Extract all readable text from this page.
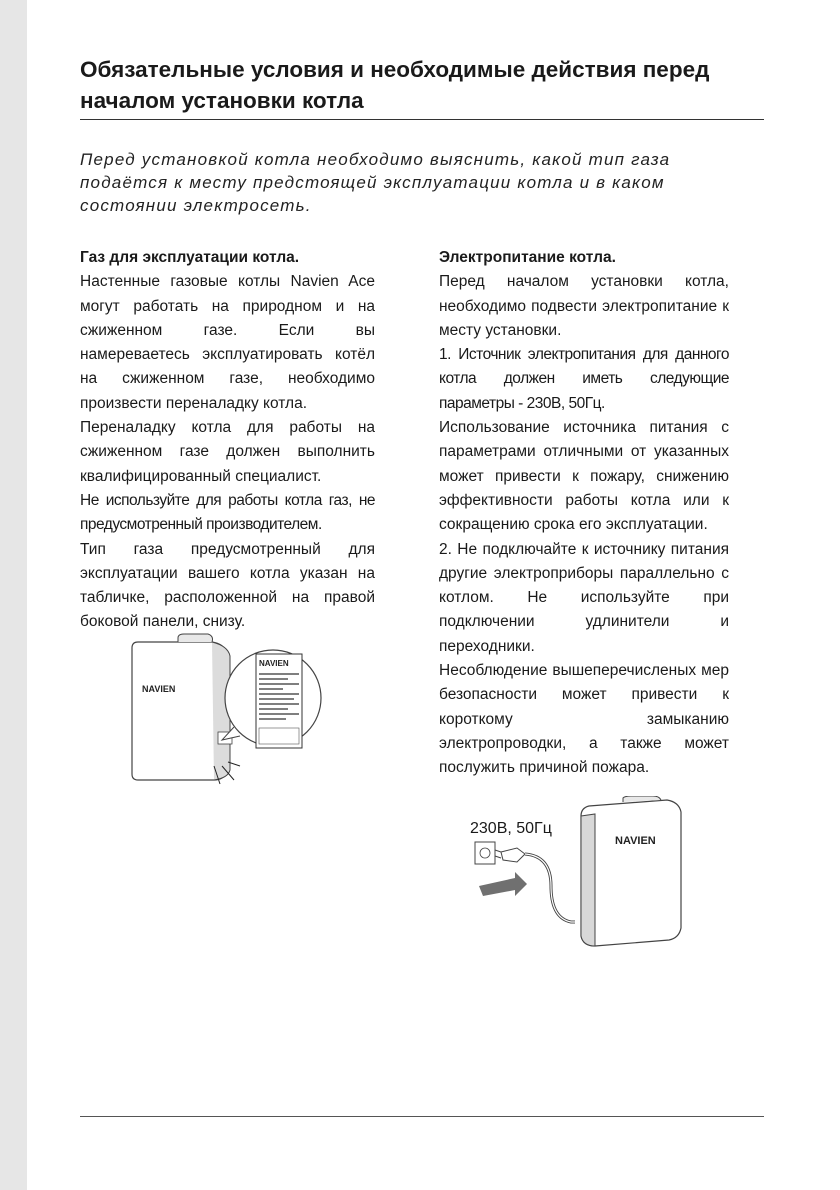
Обязательные условия и необходимые действия перед началом установки котла

Перед установкой котла необходимо выяснить, какой тип газа подаётся к месту предстоящей эксплуатации котла и в каком состоянии электросеть.

Газ для эксплуатации котла.

Настенные газовые котлы Navien Ace могут работать на природном и на сжиженном газе. Если вы намереваетесь эксплуатировать котёл на сжиженном газе, необходимо произвести переналадку котла.

Переналадку котла для работы на сжиженном газе должен выполнить квалифицированный специалист.

Не используйте для работы котла газ, не предусмотренный производителем.

Тип газа предусмотренный для эксплуатации вашего котла указан на табличке, расположенной на правой боковой панели, снизу.

Электропитание котла.

Перед началом установки котла, необходимо подвести электропитание к месту установки.

1. Источник электропитания для данного котла должен иметь следующие параметры - 230В, 50Гц.

Использование источника питания с параметрами отличными от указанных может привести к пожару, снижению эффективности работы котла или к сокращению срока его эксплуатации.

2. Не подключайте к источнику питания другие электроприборы параллельно с котлом. Не используйте при подключении удлинители и переходники.

Несоблюдение вышеперечисленых мер безопасности может привести к короткому замыканию электропроводки, а также может послужить причиной пожара.

NAVIEN
NAVIEN
230В, 50Гц
NAVIEN
